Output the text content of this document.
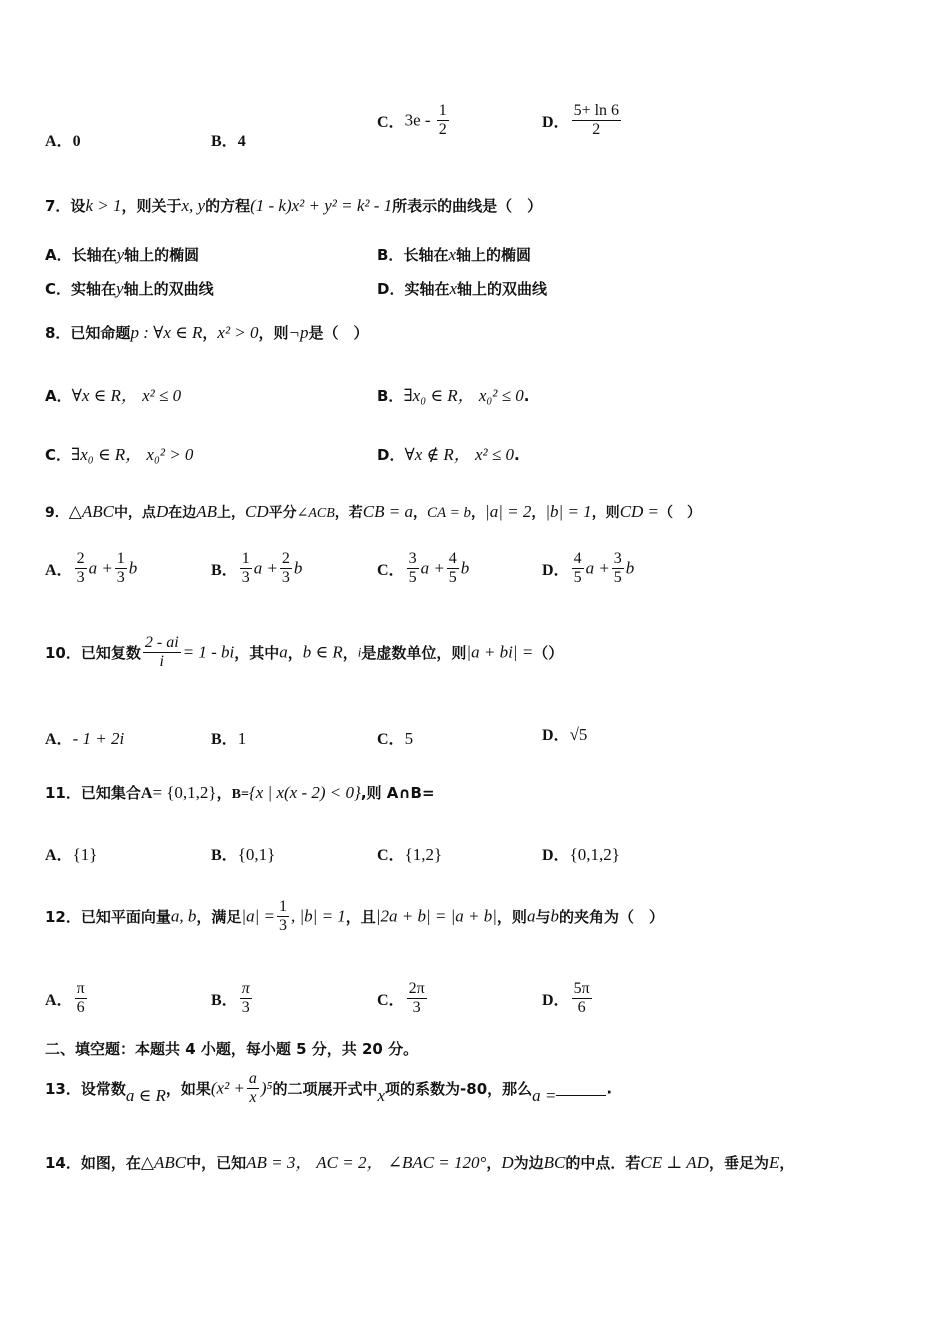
A．0	B．4
C．$3e - \frac{1}{2}$	D． $\frac{5+ \ln 6}{2}$
7．设k > 1，则关于x, y的方程(1 - k)x² + y² = k² - 1所表示的曲线是（　）
A．长轴在y轴上的椭圆	B．长轴在x轴上的椭圆
C．实轴在y轴上的双曲线	D．实轴在x轴上的双曲线
8．已知命题p : ∀x ∈ R，x² > 0，则¬p是（　）
A．∀x ∈ R， x² ≤ 0	B．∃x₀ ∈ R， x₀² ≤ 0.
C．∃x₀ ∈ R， x₀² > 0	D．∀x ∉ R， x² ≤ 0.
9．△ABC中，点D在边AB上，CD平分∠ACB，若CB = a，CA = b，|a| = 2，|b| = 1，则CD =（　）
A． $\frac{2}{3}$ $a + \frac{1}{3}$ b	B． $\frac{1}{3}$ $a + \frac{2}{3}$ b	C． $\frac{3}{5}$ $a + \frac{4}{5}$ b	D． $\frac{4}{5}$ $a + \frac{3}{5}$ b
10．已知复数 $\frac{2 - ai}{i} = 1$ - bi，其中a，b ∈ R，i是虚数单位，则|a + bi| =（）
A．- 1 + 2i	B．1	C．5	D．√5
11．已知集合A= {0,1,2}，B={x | x(x - 2) < 0},则 A∩B=
A．{1}	B．{0,1}	C．{1,2}	D．{0,1,2}
12．已知平面向量a, b，满足$|a| = \frac{1}{3}$ , |b| = 1，且|2a + b| = |a + b|，则a与b的夹角为（　）
A． $\frac{\pi}{6}$	B． $\frac{\pi}{3}$	C． $\frac{2\pi}{3}$	D． $\frac{5\pi}{6}$
二、填空题：本题共 4 小题，每小题 5 分，共 20 分。
13．设常数a ∈ R，如果$(x^2 + \frac{a}{x} )^5$的二项展开式中x项的系数为-80，那么a =	.
14．如图，在△ABC中，已知AB = 3， AC = 2， ∠BAC = 120°，D为边BC的中点．若CE ⊥ AD，垂足为E，
